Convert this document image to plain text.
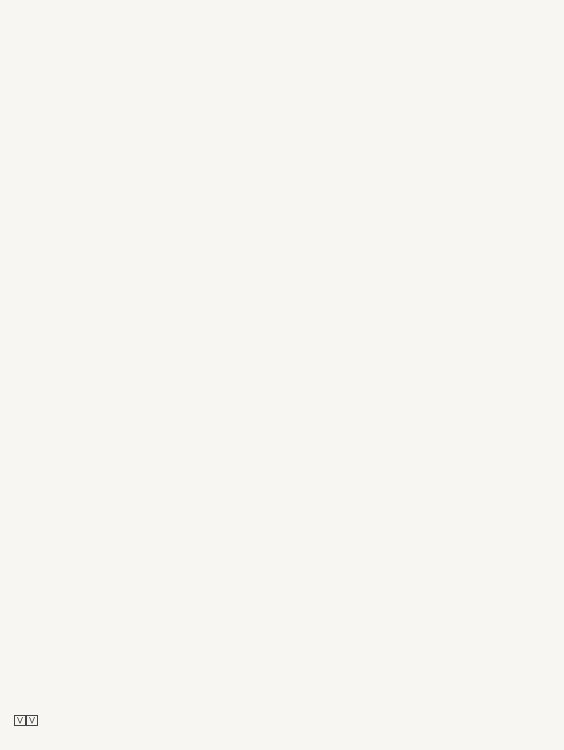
⋁ ⋁
